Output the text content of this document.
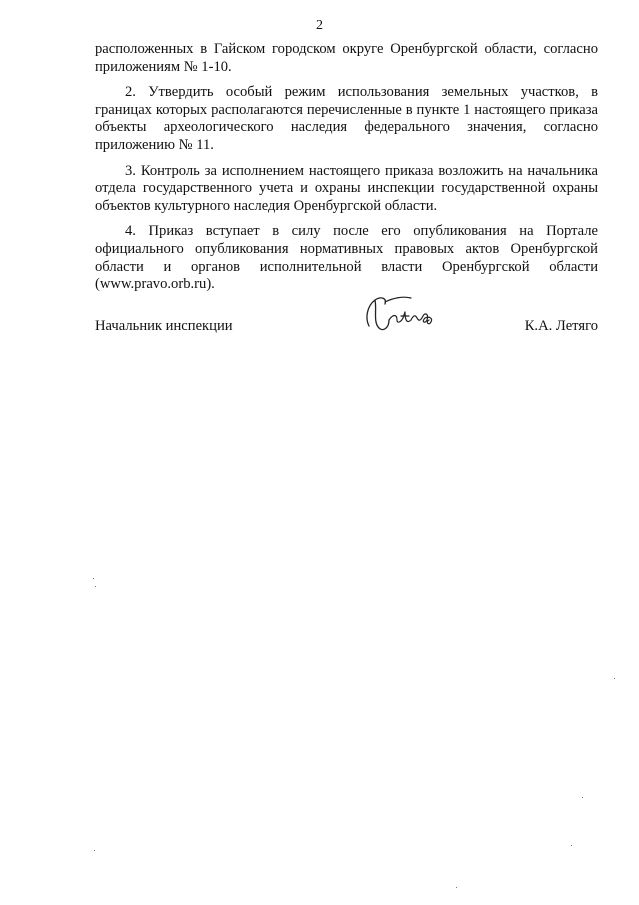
2

расположенных в Гайском городском округе Оренбургской области, согласно приложениям № 1-10.

2. Утвердить особый режим использования земельных участков, в границах которых располагаются перечисленные в пункте 1 настоящего приказа объекты археологического наследия федерального значения, согласно приложению № 11.

3. Контроль за исполнением настоящего приказа возложить на начальника отдела государственного учета и охраны инспекции государственной охраны объектов культурного наследия Оренбургской области.

4. Приказ вступает в силу после его опубликования на Портале официального опубликования нормативных правовых актов Оренбургской области и органов исполнительной власти Оренбургской области (www.pravo.orb.ru).

Начальник инспекции	К.А. Летяго
